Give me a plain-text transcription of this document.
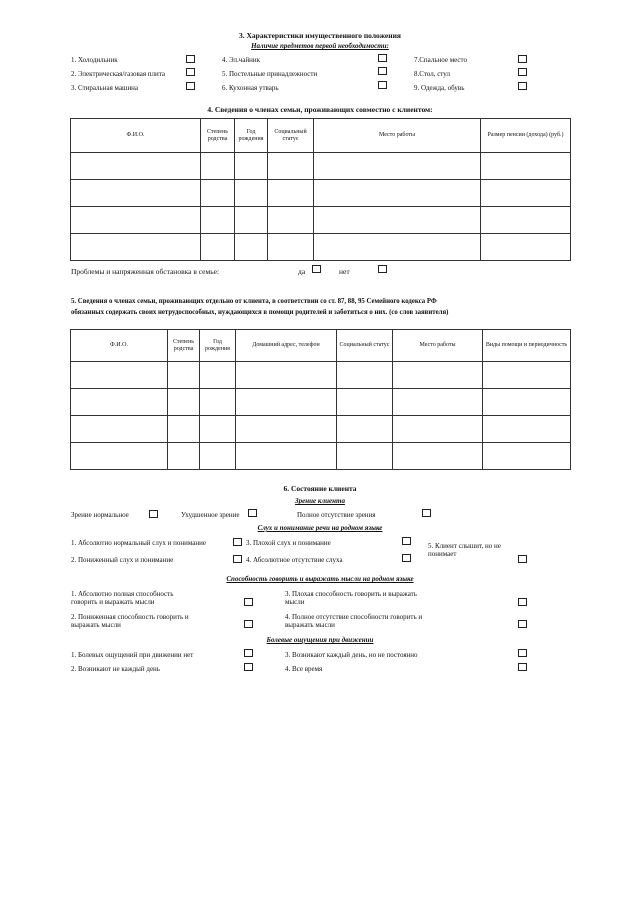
3. Характеристики имущественного положения
Наличие предметов первой необходимости:
1. Холодильник	4. Эл.чайник	7.Спальное место
2. Электрическая/газовая плита	5. Постельные принадлежности	8.Стол, стул
3. Стиральная машина	6. Кухонная утварь	9. Одежда, обувь
4. Сведения о членах семьи, проживающих совместно с клиентом:
Ф.И.О.	Степень родства	Год рождения	Социальный статус	Место работы	Размер пенсии (дохода) (руб.)

Проблемы и напряженная обстановка в семье:	да	нет
5. Сведения о членах семьи, проживающих отдельно от клиента, в соответствии со ст. 87, 88, 95 Семейного кодекса РФ
обязанных содержать своих нетрудоспособных, нуждающихся в помощи родителей и заботиться о них. (со слов заявителя)
Ф.И.О.	Степень родства	Год рождения	Домашний адрес, телефон	Социальный статус	Место работы	Виды помощи и периодичность

6. Состояние клиента
Зрение клиента
Зрение нормальное	Ухудшенное зрение	Полное отсутствие зрения
Слух и понимание речи на родном языке
1. Абсолютно нормальный слух и понимание	3. Плохой слух и понимание	5. Клиент слышит, но не понимает
2. Пониженный слух и понимание	4. Абсолютное отсутствие слуха
Способность говорить и выражать мысли на родном языке
1. Абсолютно полная способность говорить и выражать мысли
3. Плохая способность говорить и выражать мысли
2. Пониженная способность говорить и выражать мысли
4. Полное отсутствие способности говорить и выражать мысли
Болевые ощущения при движении
1. Болевых ощущений при движении нет	3. Возникают каждый день, но не постоянно
2. Возникают не каждый день	4. Все время
